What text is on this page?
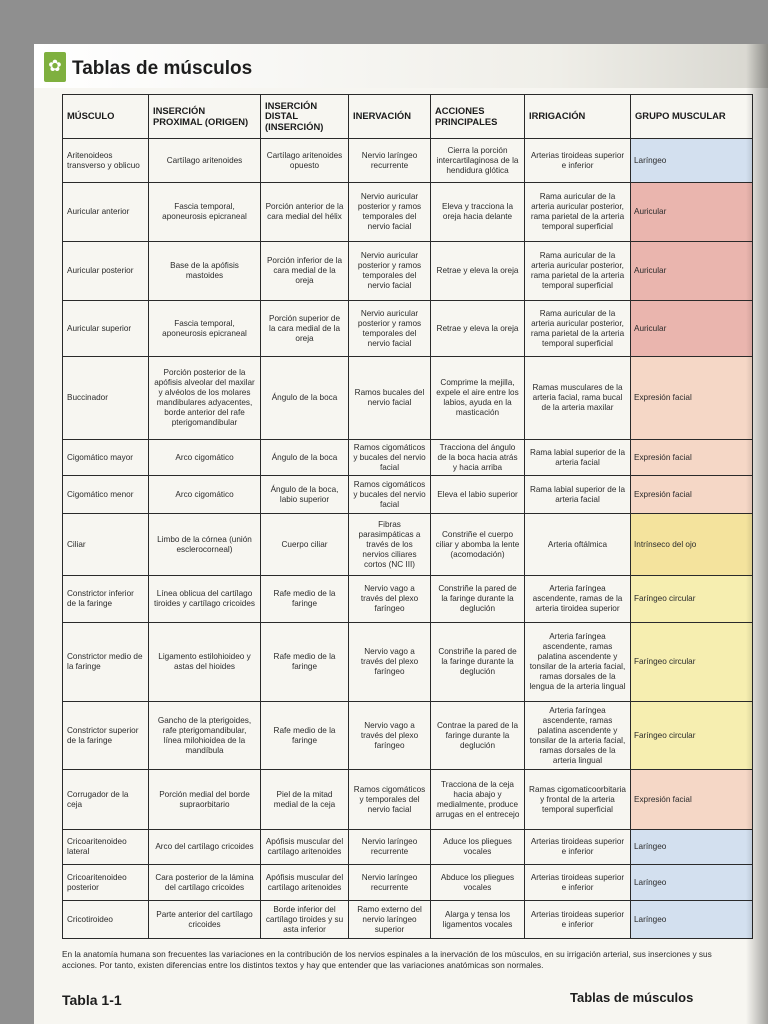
✿ Tablas de músculos
MÚSCULO	INSERCIÓN PROXIMAL (ORIGEN)	INSERCIÓN DISTAL (INSERCIÓN)	INERVACIÓN	ACCIONES PRINCIPALES	IRRIGACIÓN	GRUPO MUSCULAR
Aritenoideos transverso y oblicuo	Cartílago aritenoides	Cartílago aritenoides opuesto	Nervio laríngeo recurrente	Cierra la porción intercartilaginosa de la hendidura glótica	Arterias tiroideas superior e inferior	Laríngeo
Auricular anterior	Fascia temporal, aponeurosis epicraneal	Porción anterior de la cara medial del hélix	Nervio auricular posterior y ramos temporales del nervio facial	Eleva y tracciona la oreja hacia delante	Rama auricular de la arteria auricular posterior, rama parietal de la arteria temporal superficial	Auricular
Auricular posterior	Base de la apófisis mastoides	Porción inferior de la cara medial de la oreja	Nervio auricular posterior y ramos temporales del nervio facial	Retrae y eleva la oreja	Rama auricular de la arteria auricular posterior, rama parietal de la arteria temporal superficial	Auricular
Auricular superior	Fascia temporal, aponeurosis epicraneal	Porción superior de la cara medial de la oreja	Nervio auricular posterior y ramos temporales del nervio facial	Retrae y eleva la oreja	Rama auricular de la arteria auricular posterior, rama parietal de la arteria temporal superficial	Auricular
Buccinador	Porción posterior de la apófisis alveolar del maxilar y alvéolos de los molares mandibulares adyacentes, borde anterior del rafe pterigomandibular	Ángulo de la boca	Ramos bucales del nervio facial	Comprime la mejilla, expele el aire entre los labios, ayuda en la masticación	Ramas musculares de la arteria facial, rama bucal de la arteria maxilar	Expresión facial
Cigomático mayor	Arco cigomático	Ángulo de la boca	Ramos cigomáticos y bucales del nervio facial	Tracciona del ángulo de la boca hacia atrás y hacia arriba	Rama labial superior de la arteria facial	Expresión facial
Cigomático menor	Arco cigomático	Ángulo de la boca, labio superior	Ramos cigomáticos y bucales del nervio facial	Eleva el labio superior	Rama labial superior de la arteria facial	Expresión facial
Ciliar	Limbo de la córnea (unión esclerocorneal)	Cuerpo ciliar	Fibras parasimpáticas a través de los nervios ciliares cortos (NC III)	Constriñe el cuerpo ciliar y abomba la lente (acomodación)	Arteria oftálmica	Intrínseco del ojo
Constrictor inferior de la faringe	Línea oblicua del cartílago tiroides y cartílago cricoides	Rafe medio de la faringe	Nervio vago a través del plexo faríngeo	Constriñe la pared de la faringe durante la deglución	Arteria faríngea ascendente, ramas de la arteria tiroidea superior	Faríngeo circular
Constrictor medio de la faringe	Ligamento estilohioideo y astas del hioides	Rafe medio de la faringe	Nervio vago a través del plexo faríngeo	Constriñe la pared de la faringe durante la deglución	Arteria faríngea ascendente, ramas palatina ascendente y tonsilar de la arteria facial, ramas dorsales de la lengua de la arteria lingual	Faríngeo circular
Constrictor superior de la faringe	Gancho de la pterigoides, rafe pterigomandibular, línea milohioidea de la mandíbula	Rafe medio de la faringe	Nervio vago a través del plexo faríngeo	Contrae la pared de la faringe durante la deglución	Arteria faríngea ascendente, ramas palatina ascendente y tonsilar de la arteria facial, ramas dorsales de la arteria lingual	Faríngeo circular
Corrugador de la ceja	Porción medial del borde supraorbitario	Piel de la mitad medial de la ceja	Ramos cigomáticos y temporales del nervio facial	Tracciona de la ceja hacia abajo y medialmente, produce arrugas en el entrecejo	Ramas cigomaticoorbitaria y frontal de la arteria temporal superficial	Expresión facial
Cricoaritenoideo lateral	Arco del cartílago cricoides	Apófisis muscular del cartílago aritenoides	Nervio laríngeo recurrente	Aduce los pliegues vocales	Arterias tiroideas superior e inferior	Laríngeo
Cricoaritenoideo posterior	Cara posterior de la lámina del cartílago cricoides	Apófisis muscular del cartílago aritenoides	Nervio laríngeo recurrente	Abduce los pliegues vocales	Arterias tiroideas superior e inferior	Laríngeo
Cricotiroideo	Parte anterior del cartílago cricoides	Borde inferior del cartílago tiroides y su asta inferior	Ramo externo del nervio laríngeo superior	Alarga y tensa los ligamentos vocales	Arterias tiroideas superior e inferior	Laríngeo

En la anatomía humana son frecuentes las variaciones en la contribución de los nervios espinales a la inervación de los músculos, en su irrigación arterial, sus inserciones y sus acciones. Por tanto, existen diferencias entre los distintos textos y hay que entender que las variaciones anatómicas son normales.

Tabla 1-1	Tablas de músculos
